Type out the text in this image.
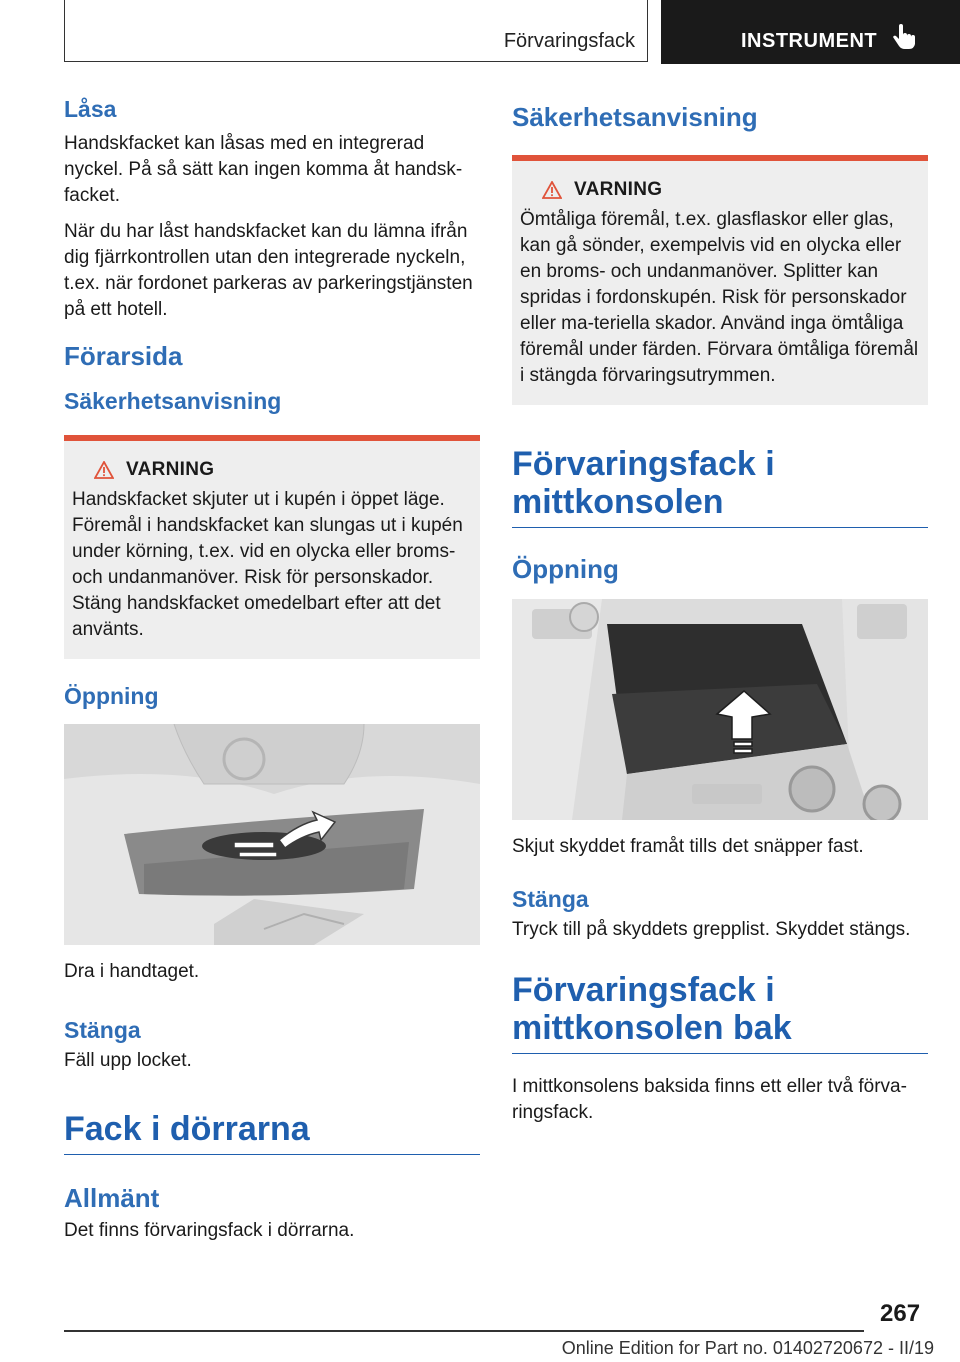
Förvaringsfack	INSTRUMENT
Låsa

Handskfacket kan låsas med en integrerad nyckel. På så sätt kan ingen komma åt handsk-facket.

När du har låst handskfacket kan du lämna ifrån dig fjärrkontrollen utan den integrerade nyckeln, t.ex. när fordonet parkeras av parkeringstjänsten på ett hotell.

Förarsida
Säkerhetsanvisning
VARNING

Handskfacket skjuter ut i kupén i öppet läge. Föremål i handskfacket kan slungas ut i kupén under körning, t.ex. vid en olycka eller broms- och undanmanöver. Risk för personskador. Stäng handskfacket omedelbart efter att det använts.

Öppning

Dra i handtaget.

Stänga

Fäll upp locket.

Fack i dörrarna
Allmänt

Det finns förvaringsfack i dörrarna.

Säkerhetsanvisning
VARNING

Ömtåliga föremål, t.ex. glasflaskor eller glas, kan gå sönder, exempelvis vid en olycka eller en broms- och undanmanöver. Splitter kan spridas i fordonskupén. Risk för personskador eller ma-teriella skador. Använd inga ömtåliga föremål under färden. Förvara ömtåliga föremål i stängda förvaringsutrymmen.

Förvaringsfack i mittkonsolen
Öppning

Skjut skyddet framåt tills det snäpper fast.

Stänga

Tryck till på skyddets grepplist. Skyddet stängs.

Förvaringsfack i mittkonsolen bak

I mittkonsolens baksida finns ett eller två förva-ringsfack.

267
Online Edition for Part no. 01402720672 - II/19
